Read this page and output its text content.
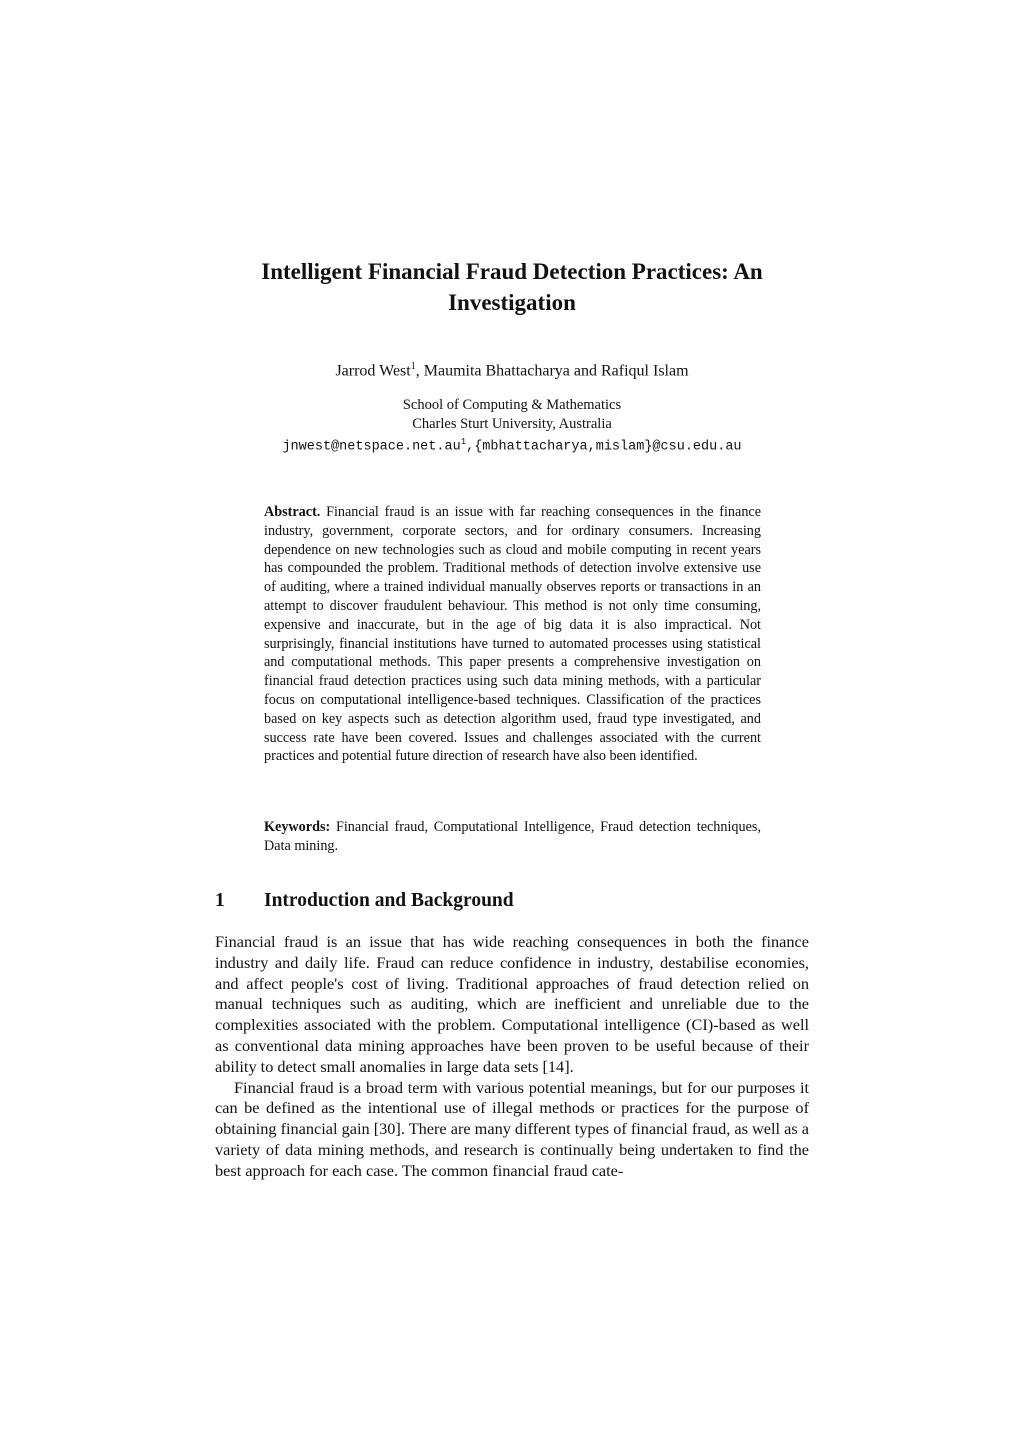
Intelligent Financial Fraud Detection Practices: An
Investigation
Jarrod West$^1$, Maumita Bhattacharya and Rafiqul Islam
School of Computing & Mathematics
Charles Sturt University, Australia
$jnwest@netspace.net.au^1,\{mbhattacharya,mislam\}@csu.edu.au$
Abstract. Financial fraud is an issue with far reaching consequences in the finance industry, government, corporate sectors, and for ordinary consumers. Increasing dependence on new technologies such as cloud and mobile computing in recent years has compounded the problem. Traditional methods of detection involve extensive use of auditing, where a trained individual manually observes reports or transactions in an attempt to discover fraudulent behaviour. This method is not only time consuming, expensive and inaccurate, but in the age of big data it is also impractical. Not surprisingly, financial institutions have turned to automated processes using statistical and computational methods. This paper presents a comprehensive investigation on financial fraud detection practices using such data mining methods, with a particular focus on computational intelligence-based techniques. Classification of the practices based on key aspects such as detection algorithm used, fraud type investigated, and success rate have been covered. Issues and challenges associated with the current practices and potential future direction of research have also been identified.
Keywords: Financial fraud, Computational Intelligence, Fraud detection techniques, Data mining.
1 Introduction and Background

Financial fraud is an issue that has wide reaching consequences in both the finance industry and daily life. Fraud can reduce confidence in industry, destabilise economies, and affect people's cost of living. Traditional approaches of fraud detection relied on manual techniques such as auditing, which are inefficient and unreliable due to the complexities associated with the problem. Computational intelligence (CI)-based as well as conventional data mining approaches have been proven to be useful because of their ability to detect small anomalies in large data sets [14].

Financial fraud is a broad term with various potential meanings, but for our purposes it can be defined as the intentional use of illegal methods or practices for the purpose of obtaining financial gain [30]. There are many different types of financial fraud, as well as a variety of data mining methods, and research is continually being undertaken to find the best approach for each case. The common financial fraud cate-
